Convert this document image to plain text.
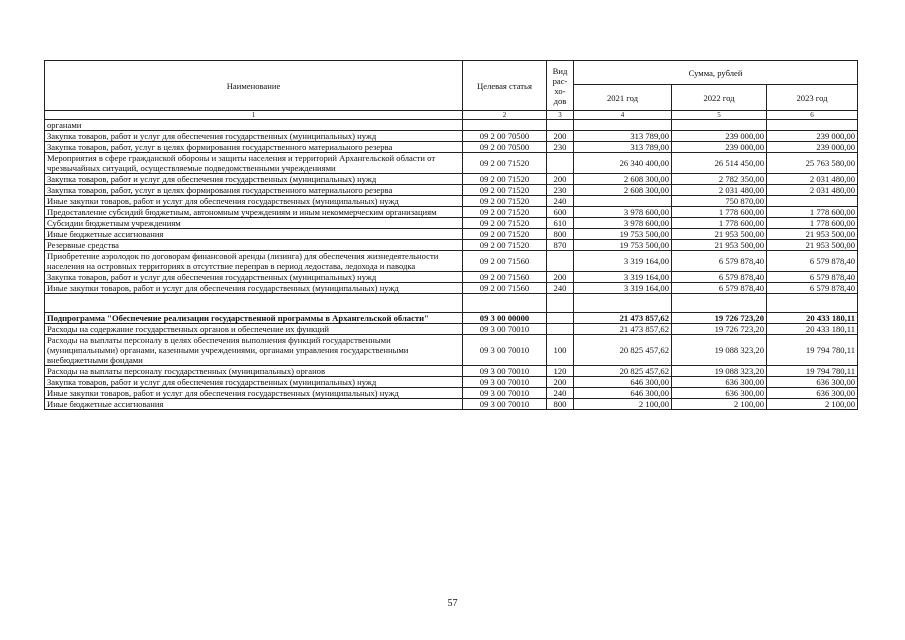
Наименование	Целевая статья	Вид рас-хо-дов	Сумма, рублей		
			2021 год	2022 год	2023 год
1	2	3	4	5	6
органами					
Закупка товаров, работ и услуг для обеспечения государственных (муниципальных) нужд	09 2 00 70500	200	313 789,00	239 000,00	239 000,00
Закупка товаров, работ, услуг в целях формирования государственного материального резерва	09 2 00 70500	230	313 789,00	239 000,00	239 000,00
Мероприятия в сфере гражданской обороны и защиты населения и территорий Архангельской области от чрезвычайных ситуаций, осуществляемые подведомственными учреждениями	09 2 00 71520		26 340 400,00	26 514 450,00	25 763 580,00
Закупка товаров, работ и услуг для обеспечения государственных (муниципальных) нужд	09 2 00 71520	200	2 608 300,00	2 782 350,00	2 031 480,00
Закупка товаров, работ, услуг в целях формирования государственного материального резерва	09 2 00 71520	230	2 608 300,00	2 031 480,00	2 031 480,00
Иные закупки товаров, работ и услуг для обеспечения государственных (муниципальных) нужд	09 2 00 71520	240		750 870,00	
Предоставление субсидий бюджетным, автономным учреждениям и иным некоммерческим организациям	09 2 00 71520	600	3 978 600,00	1 778 600,00	1 778 600,00
Субсидии бюджетным учреждениям	09 2 00 71520	610	3 978 600,00	1 778 600,00	1 778 600,00
Иные бюджетные ассигнования	09 2 00 71520	800	19 753 500,00	21 953 500,00	21 953 500,00
Резервные средства	09 2 00 71520	870	19 753 500,00	21 953 500,00	21 953 500,00
Приобретение аэролодок по договорам финансовой аренды (лизинга) для обеспечения жизнедеятельности населения на островных территориях в отсутствие переправ в период ледостава, ледохода и паводка	09 2 00 71560		3 319 164,00	6 579 878,40	6 579 878,40
Закупка товаров, работ и услуг для обеспечения государственных (муниципальных) нужд	09 2 00 71560	200	3 319 164,00	6 579 878,40	6 579 878,40
Иные закупки товаров, работ и услуг для обеспечения государственных (муниципальных) нужд	09 2 00 71560	240	3 319 164,00	6 579 878,40	6 579 878,40

Подпрограмма "Обеспечение реализации государственной программы в Архангельской области"	09 3 00 00000		21 473 857,62	19 726 723,20	20 433 180,11
Расходы на содержание государственных органов и обеспечение их функций	09 3 00 70010		21 473 857,62	19 726 723,20	20 433 180,11
Расходы на выплаты персоналу в целях обеспечения выполнения функций государственными (муниципальными) органами, казенными учреждениями, органами управления государственными внебюджетными фондами	09 3 00 70010	100	20 825 457,62	19 088 323,20	19 794 780,11
Расходы на выплаты персоналу государственных (муниципальных) органов	09 3 00 70010	120	20 825 457,62	19 088 323,20	19 794 780,11
Закупка товаров, работ и услуг для обеспечения государственных (муниципальных) нужд	09 3 00 70010	200	646 300,00	636 300,00	636 300,00
Иные закупки товаров, работ и услуг для обеспечения государственных (муниципальных) нужд	09 3 00 70010	240	646 300,00	636 300,00	636 300,00
Иные бюджетные ассигнования	09 3 00 70010	800	2 100,00	2 100,00	2 100,00
57
